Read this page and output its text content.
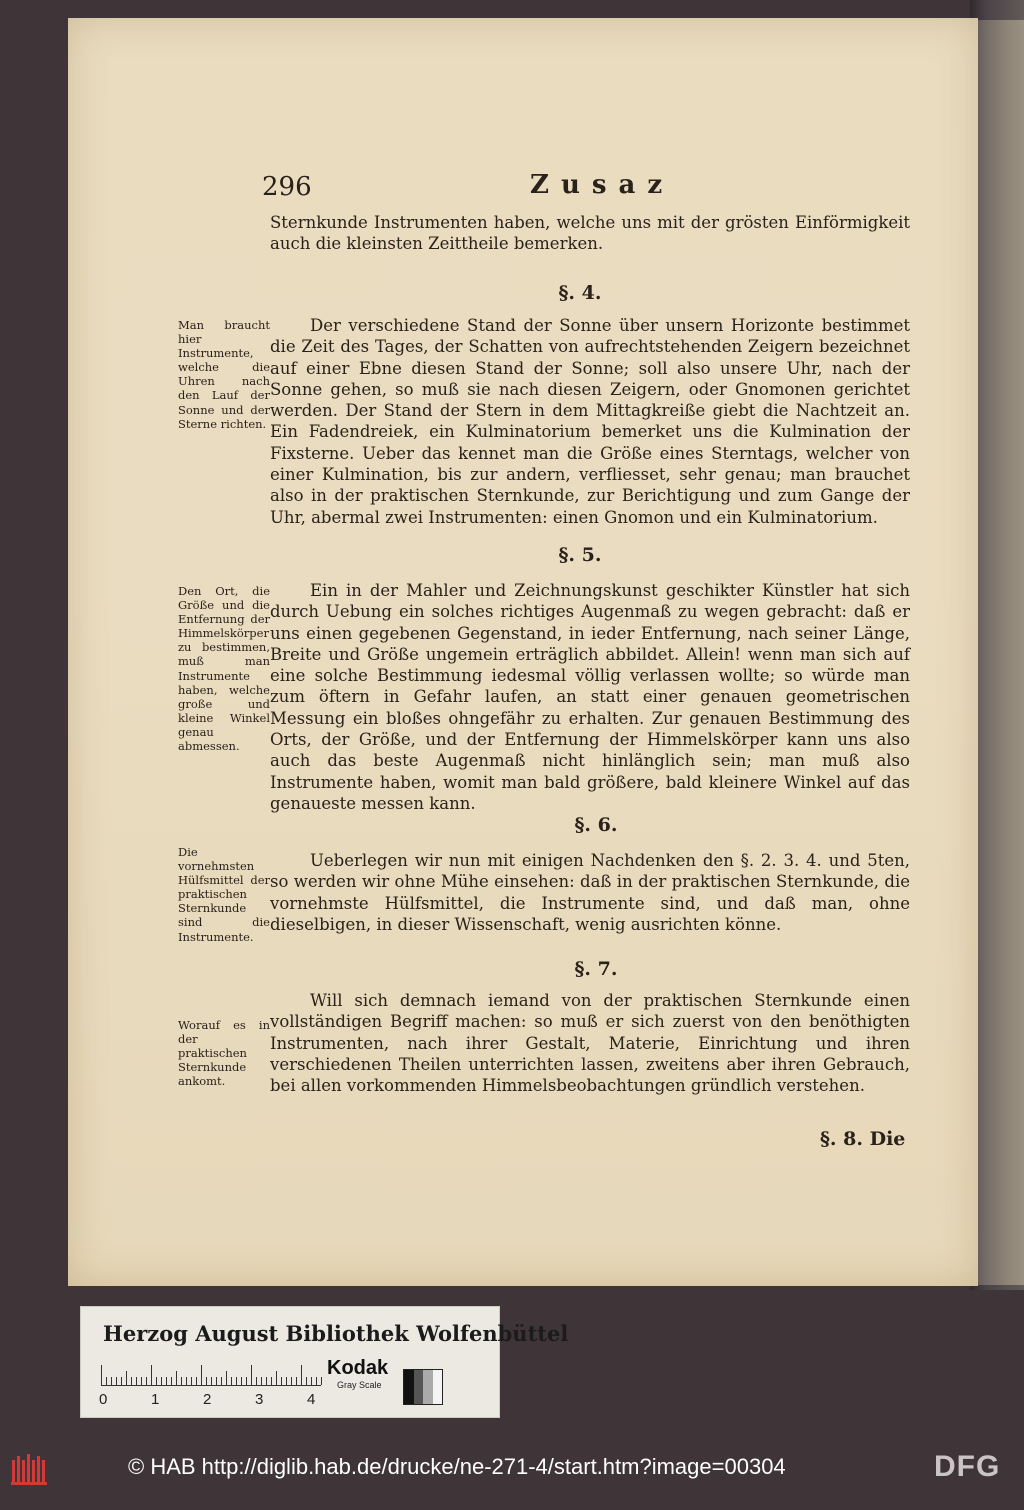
296	Zusaz
Sternkunde Instrumenten haben, welche uns mit der grösten Einförmigkeit auch die kleinsten Zeittheile bemerken.
§. 4.
Der verschiedene Stand der Sonne über unsern Horizonte bestimmet die Zeit des Tages, der Schatten von aufrechtstehenden Zeigern bezeichnet auf einer Ebne diesen Stand der Sonne; soll also unsere Uhr, nach der Sonne gehen, so muß sie nach diesen Zeigern, oder Gnomonen gerichtet werden. Der Stand der Stern in dem Mittagkreiße giebt die Nachtzeit an. Ein Fadendreiek, ein Kulminatorium bemerket uns die Kulmination der Fixsterne. Ueber das kennet man die Größe eines Sterntags, welcher von einer Kulmination, bis zur andern, verfliesset, sehr genau; man brauchet also in der praktischen Sternkunde, zur Berichtigung und zum Gange der Uhr, abermal zwei Instrumenten: einen Gnomon und ein Kulminatorium.
Man braucht hier Instrumente, welche die Uhren nach den Lauf der Sonne und der Sterne richten.
§. 5.
Ein in der Mahler und Zeichnungskunst geschikter Künstler hat sich durch Uebung ein solches richtiges Augenmaß zu wegen gebracht: daß er uns einen gegebenen Gegenstand, in ieder Entfernung, nach seiner Länge, Breite und Größe ungemein erträglich abbildet. Allein! wenn man sich auf eine solche Bestimmung iedesmal völlig verlassen wollte; so würde man zum öftern in Gefahr laufen, an statt einer genauen geometrischen Messung ein bloßes ohngefähr zu erhalten. Zur genauen Bestimmung des Orts, der Größe, und der Entfernung der Himmelskörper kann uns also auch das beste Augenmaß nicht hinlänglich sein; man muß also Instrumente haben, womit man bald größere, bald kleinere Winkel auf das genaueste messen kann.
Den Ort, die Größe und die Entfernung der Himmelskörper zu bestimmen, muß man Instrumente haben, welche große und kleine Winkel genau abmessen.
§. 6.
Ueberlegen wir nun mit einigen Nachdenken den §. 2. 3. 4. und 5ten, so werden wir ohne Mühe einsehen: daß in der praktischen Sternkunde, die vornehmste Hülfsmittel, die Instrumente sind, und daß man, ohne dieselbigen, in dieser Wissenschaft, wenig ausrichten könne.
Die vornehmsten Hülfsmittel der praktischen Sternkunde sind die Instrumente.
§. 7.
Will sich demnach iemand von der praktischen Sternkunde einen vollständigen Begriff machen: so muß er sich zuerst von den benöthigten Instrumenten, nach ihrer Gestalt, Materie, Einrichtung und ihren verschiedenen Theilen unterrichten lassen, zweitens aber ihren Gebrauch, bei allen vorkommenden Himmelsbeobachtungen gründlich verstehen.
Worauf es in der praktischen Sternkunde ankomt.
§. 8. Die
Herzog August Bibliothek Wolfenbüttel
0	1	2	3	4
Kodak
Gray Scale
© HAB http://diglib.hab.de/drucke/ne-271-4/start.htm?image=00304	DFG
